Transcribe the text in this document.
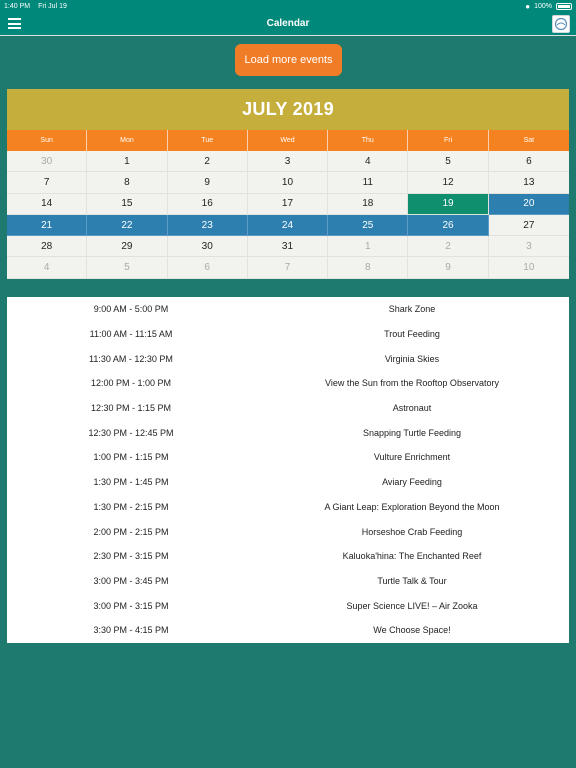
1:40 PM Fri Jul 19	● 100%
Calendar
Load more events
JULY 2019
Sun	Mon	Tue	Wed	Thu	Fri	Sat
30	1	2	3	4	5	6
7	8	9	10	11	12	13
14	15	16	17	18	19	20
21	22	23	24	25	26	27
28	29	30	31	1	2	3
4	5	6	7	8	9	10
9:00 AM - 5:00 PM	Shark Zone
11:00 AM - 11:15 AM	Trout Feeding
11:30 AM - 12:30 PM	Virginia Skies
12:00 PM - 1:00 PM	View the Sun from the Rooftop Observatory
12:30 PM - 1:15 PM	Astronaut
12:30 PM - 12:45 PM	Snapping Turtle Feeding
1:00 PM - 1:15 PM	Vulture Enrichment
1:30 PM - 1:45 PM	Aviary Feeding
1:30 PM - 2:15 PM	A Giant Leap: Exploration Beyond the Moon
2:00 PM - 2:15 PM	Horseshoe Crab Feeding
2:30 PM - 3:15 PM	Kaluoka'hina: The Enchanted Reef
3:00 PM - 3:45 PM	Turtle Talk & Tour
3:00 PM - 3:15 PM	Super Science LIVE! – Air Zooka
3:30 PM - 4:15 PM	We Choose Space!
